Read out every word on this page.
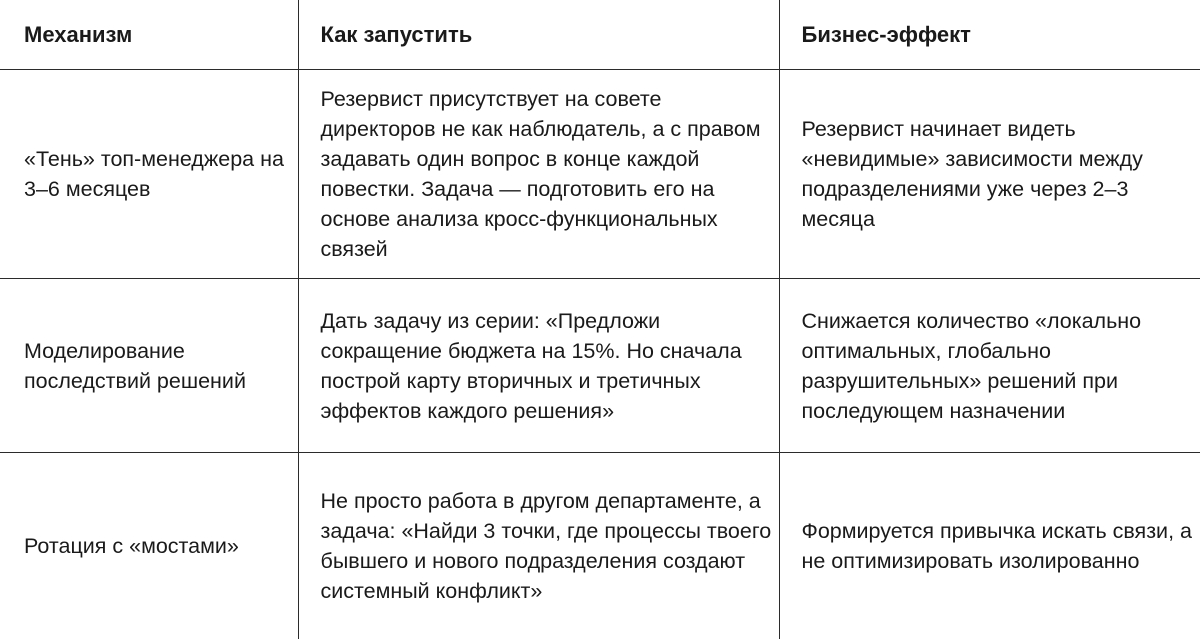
Механизм	Как запустить	Бизнес-эффект
«Тень» топ-менеджера на 3–6 месяцев	Резервист присутствует на совете директоров не как наблюдатель, а с правом задавать один вопрос в конце каждой повестки. Задача — подготовить его на основе анализа кросс-функциональных связей	Резервист начинает видеть «невидимые» зависимости между подразделениями уже через 2–3 месяца
Моделирование последствий решений	Дать задачу из серии: «Предложи сокращение бюджета на 15%. Но сначала построй карту вторичных и третичных эффектов каждого решения»	Снижается количество «локально оптимальных, глобально разрушительных» решений при последующем назначении
Ротация с «мостами»	Не просто работа в другом департаменте, а задача: «Найди 3 точки, где процессы твоего бывшего и нового подразделения создают системный конфликт»	Формируется привычка искать связи, а не оптимизировать изолированно
